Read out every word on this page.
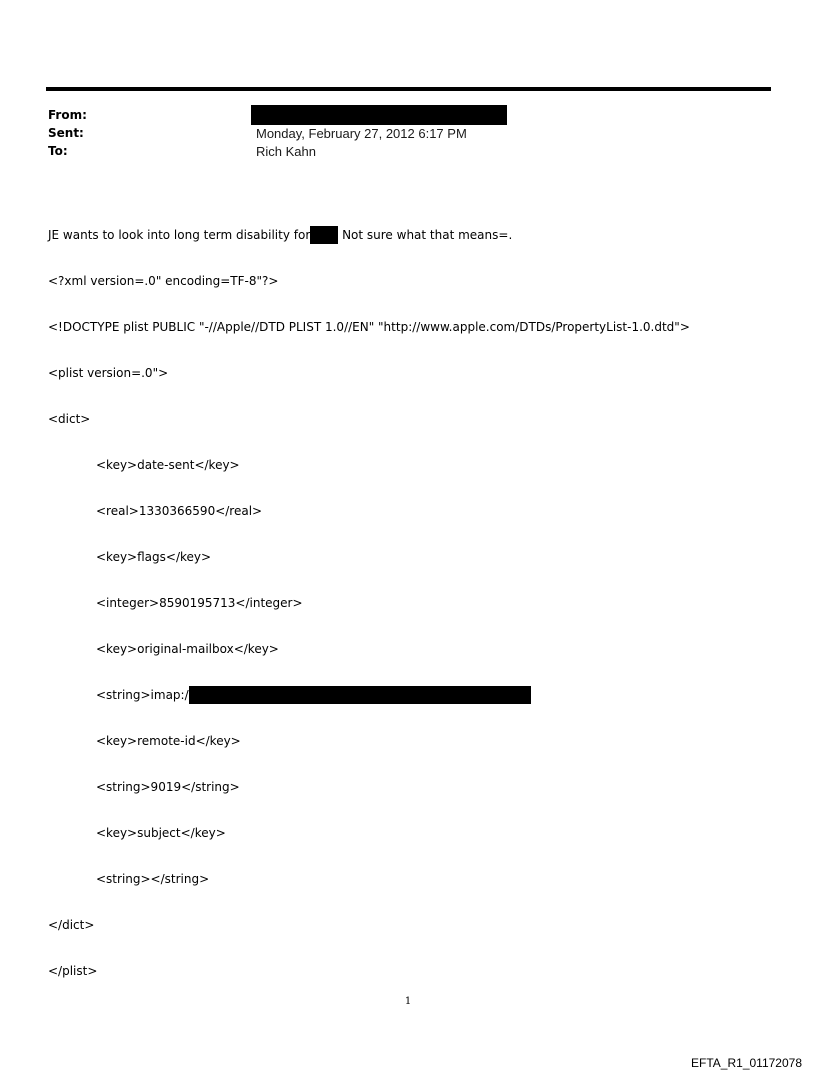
From:
Sent:	Monday, February 27, 2012 6:17 PM
To:	Rich Kahn

JE wants to look into long term disability for Not sure what that means=.

<?xml version=.0" encoding=TF-8"?>

<!DOCTYPE plist PUBLIC "-//Apple//DTD PLIST 1.0//EN" "http://www.apple.com/DTDs/PropertyList-1.0.dtd">

<plist version=.0">

<dict>

<key>date-sent</key>

<real>1330366590</real>

<key>flags</key>

<integer>8590195713</integer>

<key>original-mailbox</key>

<string>imap:/

<key>remote-id</key>

<string>9019</string>

<key>subject</key>

<string></string>

</dict>

</plist>

1
EFTA_R1_01172078
